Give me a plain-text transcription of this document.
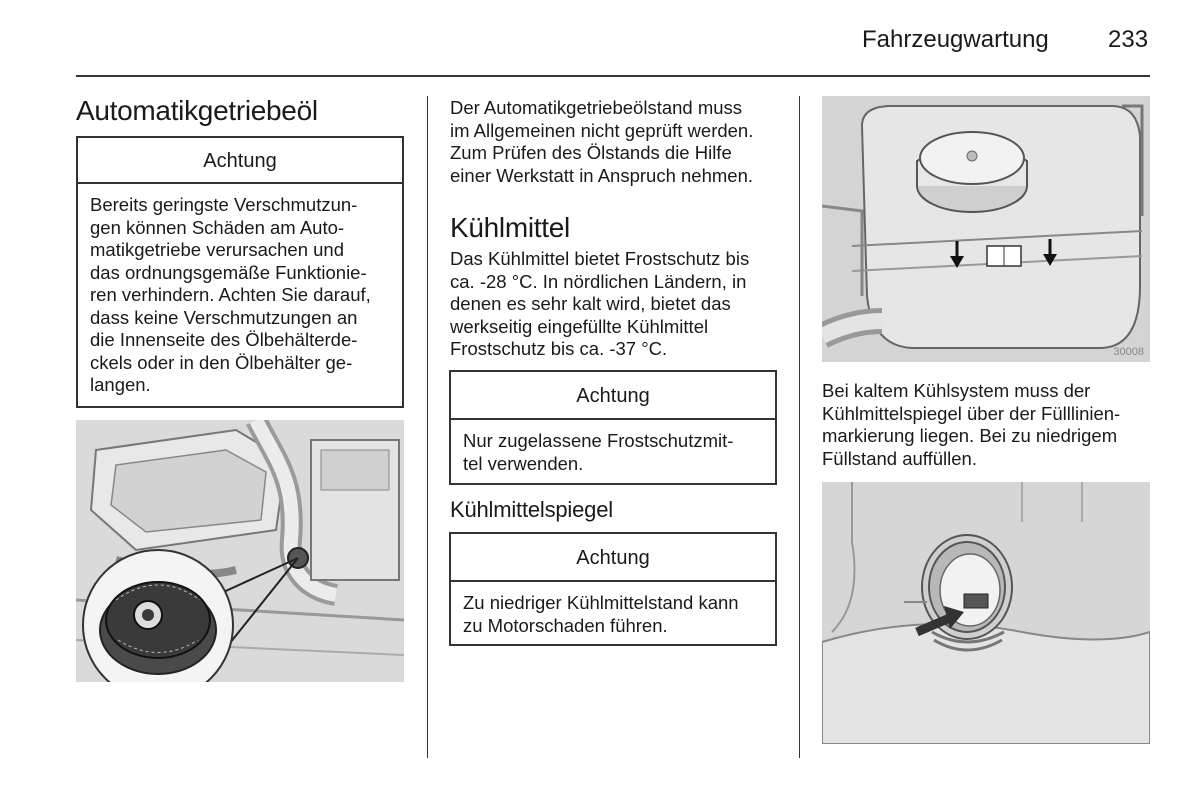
Fahrzeugwartung 233
Automatikgetriebeöl
Achtung
Bereits geringste Verschmutzun-
gen können Schäden am Auto-
matikgetriebe verursachen und
das ordnungsgemäße Funktionie-
ren verhindern. Achten Sie darauf,
dass keine Verschmutzungen an
die Innenseite des Ölbehälterde-
ckels oder in den Ölbehälter ge-
langen.
Der Automatikgetriebeölstand muss
im Allgemeinen nicht geprüft werden.
Zum Prüfen des Ölstands die Hilfe
einer Werkstatt in Anspruch nehmen.
Kühlmittel
Das Kühlmittel bietet Frostschutz bis
ca. -28 °C. In nördlichen Ländern, in
denen es sehr kalt wird, bietet das
werkseitig eingefüllte Kühlmittel
Frostschutz bis ca. -37 °C.
Achtung
Nur zugelassene Frostschutzmit-
tel verwenden.
Kühlmittelspiegel
Achtung
Zu niedriger Kühlmittelstand kann
zu Motorschaden führen.
30008
Bei kaltem Kühlsystem muss der
Kühlmittelspiegel über der Fülllinien-
markierung liegen. Bei zu niedrigem
Füllstand auffüllen.
